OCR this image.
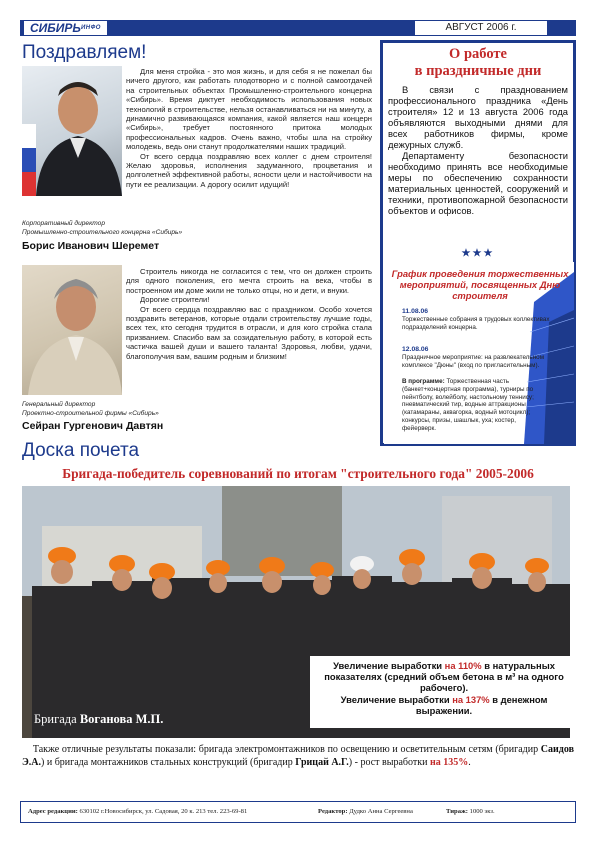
$СИБИРЬ^{ИНФО}$	АВГУСТ 2006 г.
Поздравляем!

Для меня стройка - это моя жизнь, и для себя я не пожелал бы ничего другого, как работать плодотворно и с полной самоотдачей на строительных объектах Промышленно-строительного концерна «Сибирь». Время диктует необходимость использования новых технологий в строительстве, нельзя останавливаться ни на минуту, а динамично развивающаяся компания, какой является наш концерн «Сибирь», требует постоянного притока молодых профессиональных кадров. Очень важно, чтобы шла на стройку молодежь, ведь они станут продолжателями наших традиций.

От всего сердца поздравляю всех коллег с днем строителя! Желаю здоровья, исполнения задуманного, процветания и долголетней эффективной работы, ясности цели и настойчивости на пути ее реализации. А дорогу осилит идущий!

Корпоративный директор
Промышленно-строительного концерна «Сибирь»
Борис Иванович Шеремет

Строитель никогда не согласится с тем, что он должен строить для одного поколения, его мечта строить на века, чтобы в построенном им доме жили не только отцы, но и дети, и внуки.

Дорогие строители!

От всего сердца поздравляю вас с праздником. Особо хочется поздравить ветеранов, которые отдали строительству лучшие годы, всех тех, кто сегодня трудится в отрасли, и для кого стройка стала призванием. Спасибо вам за созидательную работу, в которой есть частичка вашей души и вашего таланта! Здоровья, любви, удачи, благополучия вам, вашим родным и близким!

Генеральный директор
Проектно-строительной фирмы «Сибирь»
Сейран Гургенович Давтян
О работе
в праздничные дни

В связи с празднованием профессионального праздника «День строителя» 12 и 13 августа 2006 года объявляются выходными днями для всех работников фирмы, кроме дежурных служб.

Департаменту безопасности необходимо принять все необходимые меры по обеспечению сохранности материальных ценностей, сооружений и техники, противопожарной безопасности объектов и офисов.

★★★
График проведения торжественных мероприятий, посвященных Дню строителя
11.08.06
Торжественные собрания в трудовых коллективах подразделений концерна.
12.08.06
Праздничное мероприятие: на развлекательном комплексе "Дюны" (вход по пригласительным).
В программе: Торжественная часть (банкет+концертная программа), турниры по пейнтболу, волейболу, настольному теннису; пневматический тир, водные аттракционы (катамараны, аквагорка, водный мотоцикл); конкурсы, призы, шашлык, уха; костер, фейерверк.
Доска почета
Бригада-победитель соревнований по итогам "строительного года" 2005-2006
Увеличение выработки на 110% в натуральных показателях (средний объем бетона в м³ на одного рабочего).
Увеличение выработки на 137% в денежном выражении.
Бригада Воганова М.П.
Также отличные результаты показали: бригада электромонтажников по освещению и осветительным сетям (бригадир Саидов Э.А.) и бригада монтажников стальных конструкций (бригадир Грицай А.Г.) - рост выработки на 135%.
Адрес редакции: 630102 г.Новосибирск, ул. Садовая, 20 к. 213 тел. 223-69-81	Редактор: Дудко Анна Сергеевна	Тираж: 1000 экз.
